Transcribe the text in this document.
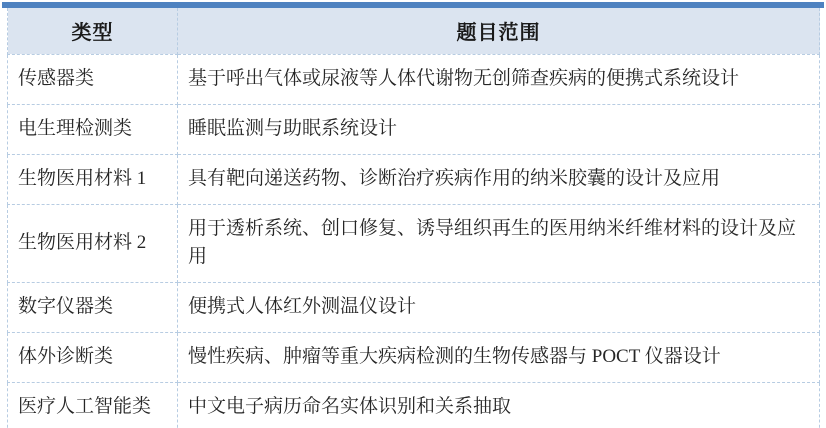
类型	题目范围
传感器类	基于呼出气体或尿液等人体代谢物无创筛查疾病的便携式系统设计
电生理检测类	睡眠监测与助眠系统设计
生物医用材料 1	具有靶向递送药物、诊断治疗疾病作用的纳米胶囊的设计及应用
生物医用材料 2	用于透析系统、创口修复、诱导组织再生的医用纳米纤维材料的设计及应用
数字仪器类	便携式人体红外测温仪设计
体外诊断类	慢性疾病、肿瘤等重大疾病检测的生物传感器与 POCT 仪器设计
医疗人工智能类	中文电子病历命名实体识别和关系抽取
